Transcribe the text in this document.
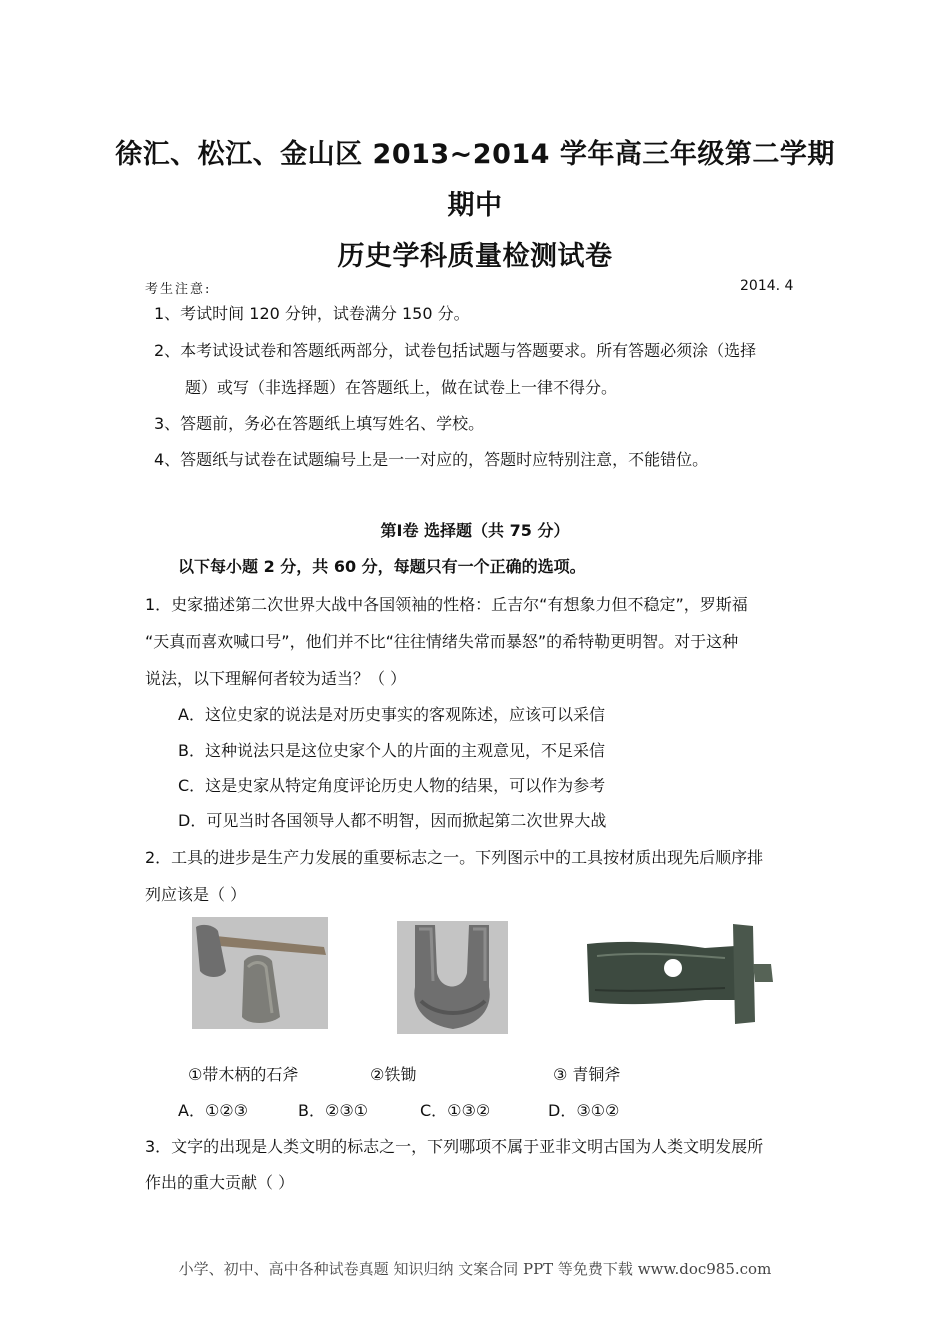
徐汇、松江、金山区 2013~2014 学年高三年级第二学期
期中
历史学科质量检测试卷
考生注意:	2014. 4
1、考试时间 120 分钟，试卷满分 150 分。
2、本考试设试卷和答题纸两部分，试卷包括试题与答题要求。所有答题必须涂（选择
题）或写（非选择题）在答题纸上，做在试卷上一律不得分。
3、答题前，务必在答题纸上填写姓名、学校。
4、答题纸与试卷在试题编号上是一一对应的，答题时应特别注意，不能错位。
第Ⅰ卷 选择题（共 75 分）
以下每小题 2 分，共 60 分，每题只有一个正确的选项。
1．史家描述第二次世界大战中各国领袖的性格：丘吉尔“有想象力但不稳定”，罗斯福
“天真而喜欢喊口号”，他们并不比“往往情绪失常而暴怒”的希特勒更明智。对于这种
说法，以下理解何者较为适当？（ ）
A．这位史家的说法是对历史事实的客观陈述，应该可以采信
B．这种说法只是这位史家个人的片面的主观意见，不足采信
C．这是史家从特定角度评论历史人物的结果，可以作为参考
D．可见当时各国领导人都不明智，因而掀起第二次世界大战
2．工具的进步是生产力发展的重要标志之一。下列图示中的工具按材质出现先后顺序排
列应该是（ ）
①带木柄的石斧	②铁锄	③ 青铜斧
A．①②③	B．②③①	C．①③②	D．③①②
3．文字的出现是人类文明的标志之一，下列哪项不属于亚非文明古国为人类文明发展所
作出的重大贡献（ ）
小学、初中、高中各种试卷真题 知识归纳 文案合同 PPT 等免费下载 www.doc985.com
